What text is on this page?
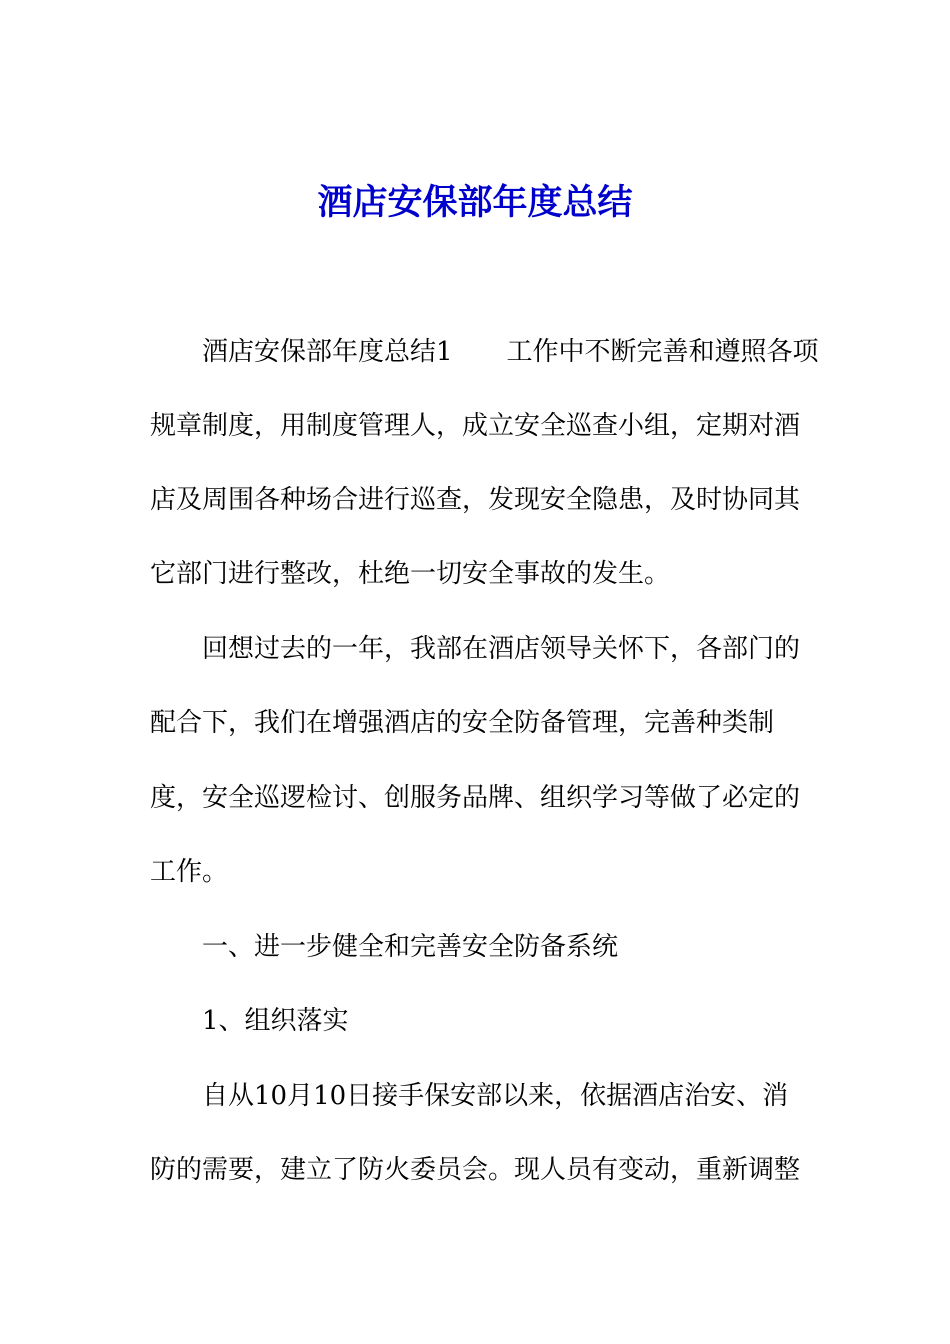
酒店安保部年度总结

酒店安保部年度总结1 工作中不断完善和遵照各项

规章制度，用制度管理人，成立安全巡查小组，定期对酒

店及周围各种场合进行巡查，发现安全隐患，及时协同其

它部门进行整改，杜绝一切安全事故的发生。

回想过去的一年，我部在酒店领导关怀下，各部门的

配合下，我们在增强酒店的安全防备管理，完善种类制

度，安全巡逻检讨、创服务品牌、组织学习等做了必定的

工作。

一、进一步健全和完善安全防备系统

1、组织落实

自从10月10日接手保安部以来，依据酒店治安、消

防的需要，建立了防火委员会。现人员有变动，重新调整
